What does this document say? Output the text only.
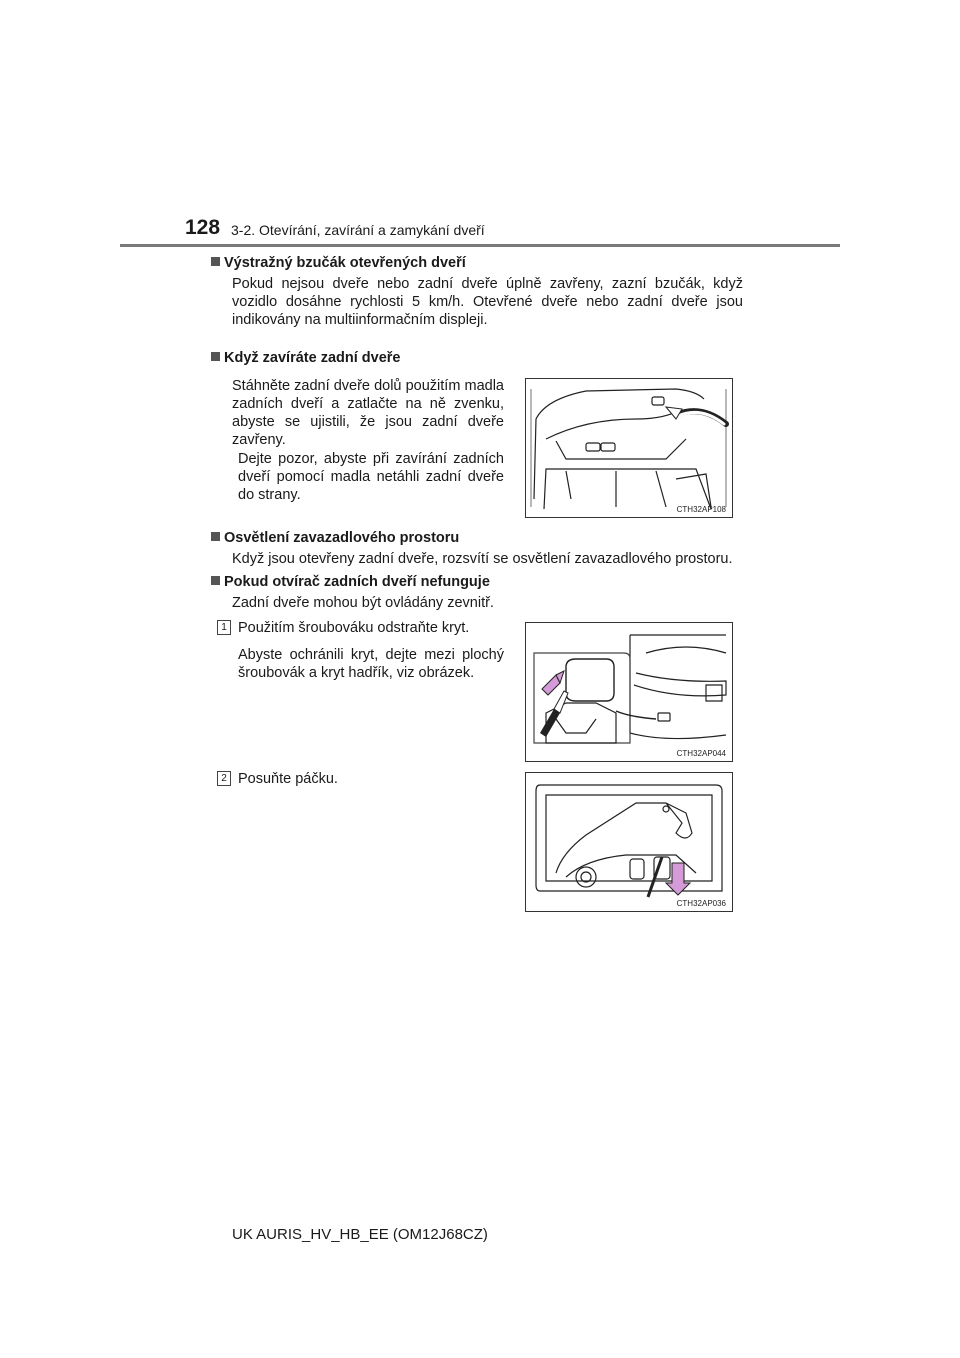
128 3-2. Otevírání, zavírání a zamykání dveří
Výstražný bzučák otevřených dveří
Pokud nejsou dveře nebo zadní dveře úplně zavřeny, zazní bzučák, když vozidlo dosáhne rychlosti 5 km/h. Otevřené dveře nebo zadní dveře jsou indikovány na multiinformačním displeji.
Když zavíráte zadní dveře
Stáhněte zadní dveře dolů použitím madla zadních dveří a zatlačte na ně zvenku, abyste se ujistili, že jsou zadní dveře zavřeny.
Dejte pozor, abyste při zavírání zadních dveří pomocí madla netáhli zadní dveře do strany.
CTH32AP108
Osvětlení zavazadlového prostoru
Když jsou otevřeny zadní dveře, rozsvítí se osvětlení zavazadlového prostoru.
Pokud otvírač zadních dveří nefunguje
Zadní dveře mohou být ovládány zevnitř.
1 Použitím šroubováku odstraňte kryt.
Abyste ochránili kryt, dejte mezi plochý šroubovák a kryt hadřík, viz obrázek.
CTH32AP044
2 Posuňte páčku.
CTH32AP036
UK AURIS_HV_HB_EE (OM12J68CZ)
